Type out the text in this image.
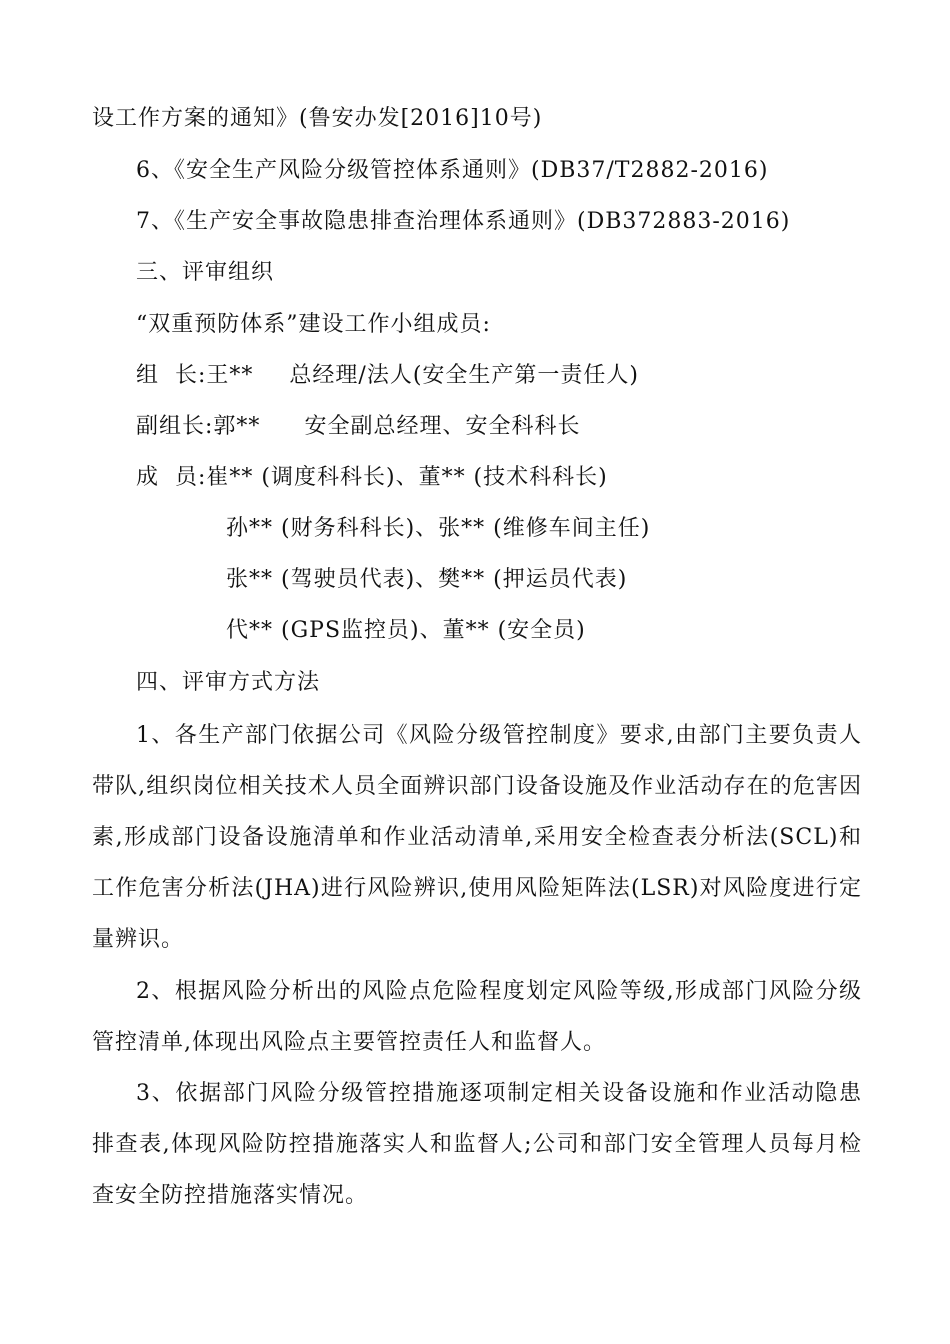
设工作方案的通知》(鲁安办发[2016]10号)
6、《安全生产风险分级管控体系通则》(DB37/T2882-2016)
7、《生产安全事故隐患排查治理体系通则》(DB372883-2016)
三、评审组织
“双重预防体系”建设工作小组成员:
组  长:王** 总经理/法人(安全生产第一责任人)
副组长:郭** 安全副总经理、安全科科长
成  员:崔** (调度科科长)、董** (技术科科长)
孙** (财务科科长)、张** (维修车间主任)
张** (驾驶员代表)、樊** (押运员代表)
代** (GPS监控员)、董** (安全员)
四、评审方式方法
1、各生产部门依据公司《风险分级管控制度》要求,由部门主要负责人带队,组织岗位相关技术人员全面辨识部门设备设施及作业活动存在的危害因素,形成部门设备设施清单和作业活动清单,采用安全检查表分析法(SCL)和工作危害分析法(JHA)进行风险辨识,使用风险矩阵法(LSR)对风险度进行定量辨识。
2、根据风险分析出的风险点危险程度划定风险等级,形成部门风险分级管控清单,体现出风险点主要管控责任人和监督人。
3、依据部门风险分级管控措施逐项制定相关设备设施和作业活动隐患排查表,体现风险防控措施落实人和监督人;公司和部门安全管理人员每月检查安全防控措施落实情况。
